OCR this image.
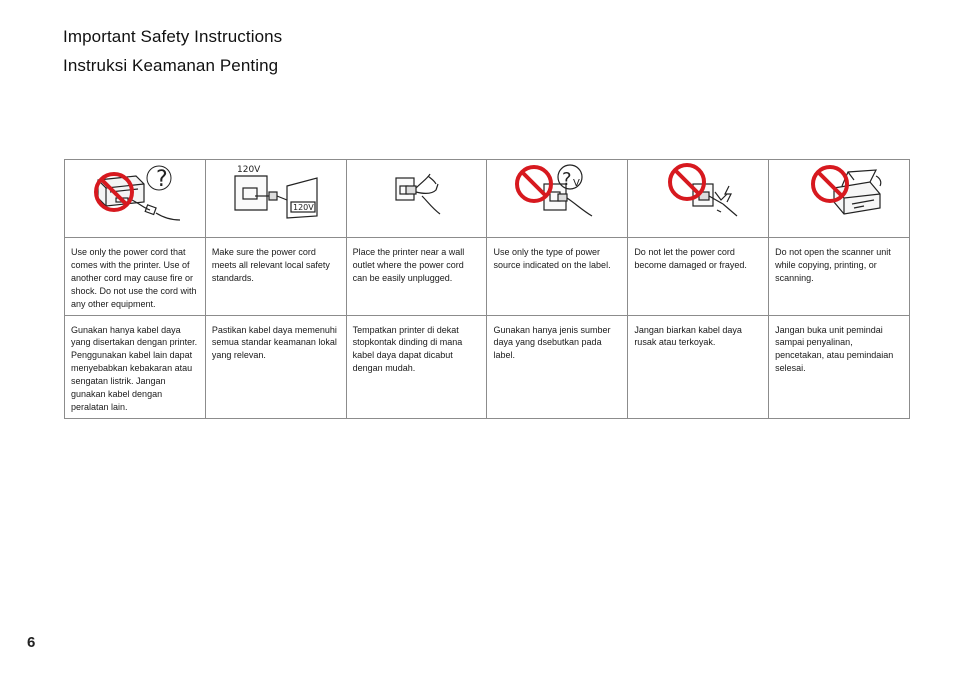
Important Safety Instructions
Instruksi Keamanan Penting
?	120V
120V		? V

Use only the power cord that comes with the printer. Use of another cord may cause fire or shock. Do not use the cord with any other equipment.	Make sure the power cord meets all relevant local safety standards.	Place the printer near a wall outlet where the power cord can be easily unplugged.	Use only the type of power source indicated on the label.	Do not let the power cord become damaged or frayed.	Do not open the scanner unit while copying, printing, or scanning.

Gunakan hanya kabel daya yang disertakan dengan printer. Penggunakan kabel lain dapat menyebabkan kebakaran atau sengatan listrik. Jangan gunakan kabel dengan peralatan lain.	Pastikan kabel daya memenuhi semua standar keamanan lokal yang relevan.	Tempatkan printer di dekat stopkontak dinding di mana kabel daya dapat dicabut dengan mudah.	Gunakan hanya jenis sumber daya yang dsebutkan pada label.	Jangan biarkan kabel daya rusak atau terkoyak.	Jangan buka unit pemindai sampai penyalinan, pencetakan, atau pemindaian selesai.
6
